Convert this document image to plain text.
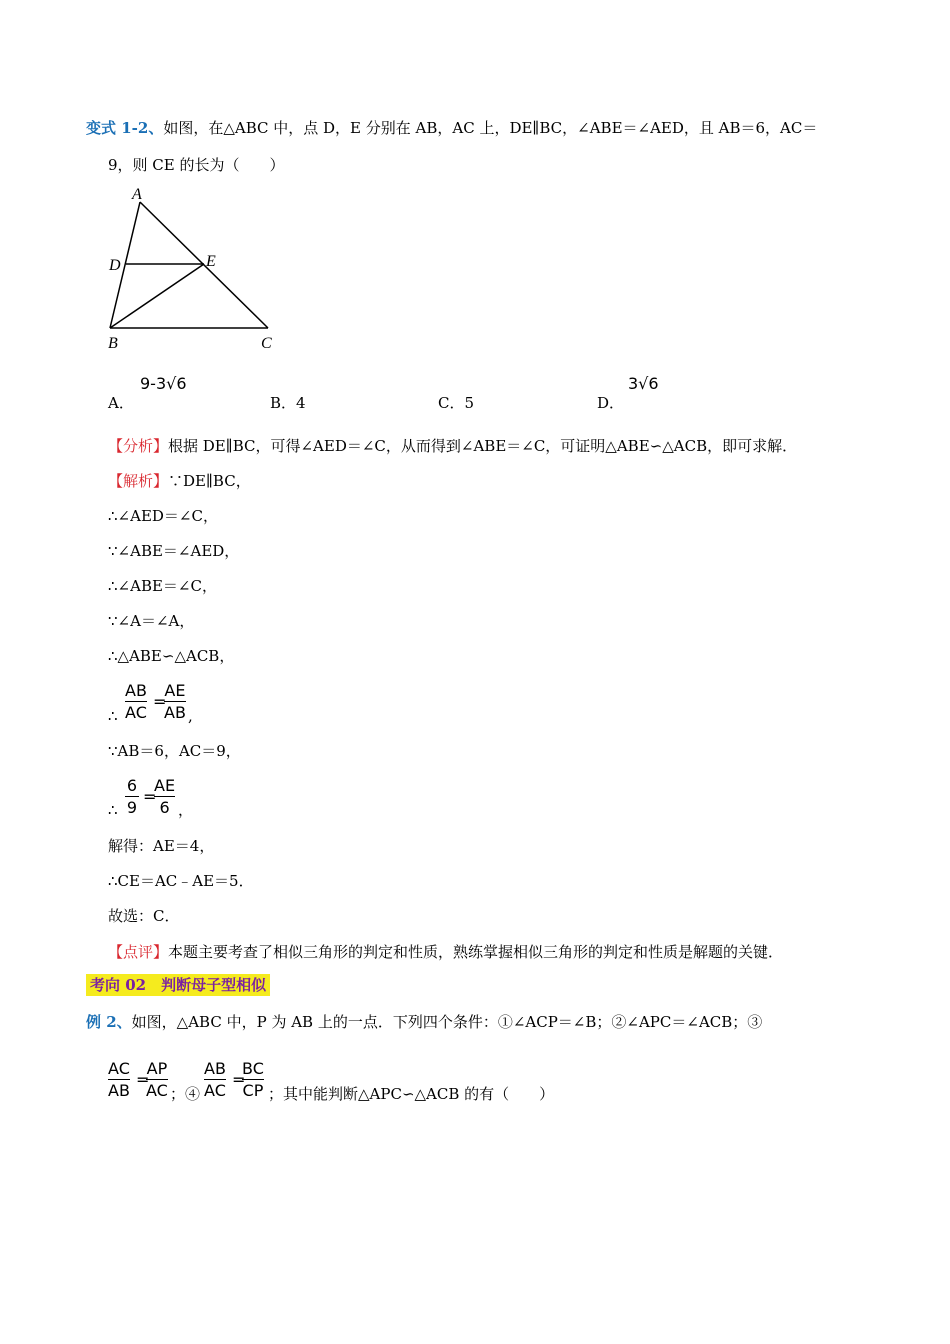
变式 1-2、如图，在△ABC 中，点 D，E 分别在 AB，AC 上，DE∥BC，∠ABE＝∠AED，且 AB＝6，AC＝
9，则 CE 的长为（　　）
A
D	E
B	C
A．
9-3√6
B．4	C．5	D．
3√6
【分析】根据 DE∥BC，可得∠AED＝∠C，从而得到∠ABE＝∠C，可证明△ABE∽△ACB，即可求解．
【解析】∵DE∥BC，
∴∠AED＝∠C，
∵∠ABE＝∠AED，
∴∠ABE＝∠C，
∵∠A＝∠A，
∴△ABE∽△ACB，
∴
AB
AC
=
AE
AB ,
∵AB＝6，AC＝9，
∴
6
9
=
AE
6 ，
解得：AE＝4，
∴CE＝AC﹣AE＝5．
故选：C．
【点评】本题主要考查了相似三角形的判定和性质，熟练掌握相似三角形的判定和性质是解题的关键．
考向 02　判断母子型相似
例 2、如图，△ABC 中，P 为 AB 上的一点．下列四个条件：①∠ACP＝∠B；②∠APC＝∠ACB；③
AC
AB
=
AP
AC ；④
AB
AC
=
BC
CP ；其中能判断△APC∽△ACB 的有（　　）
